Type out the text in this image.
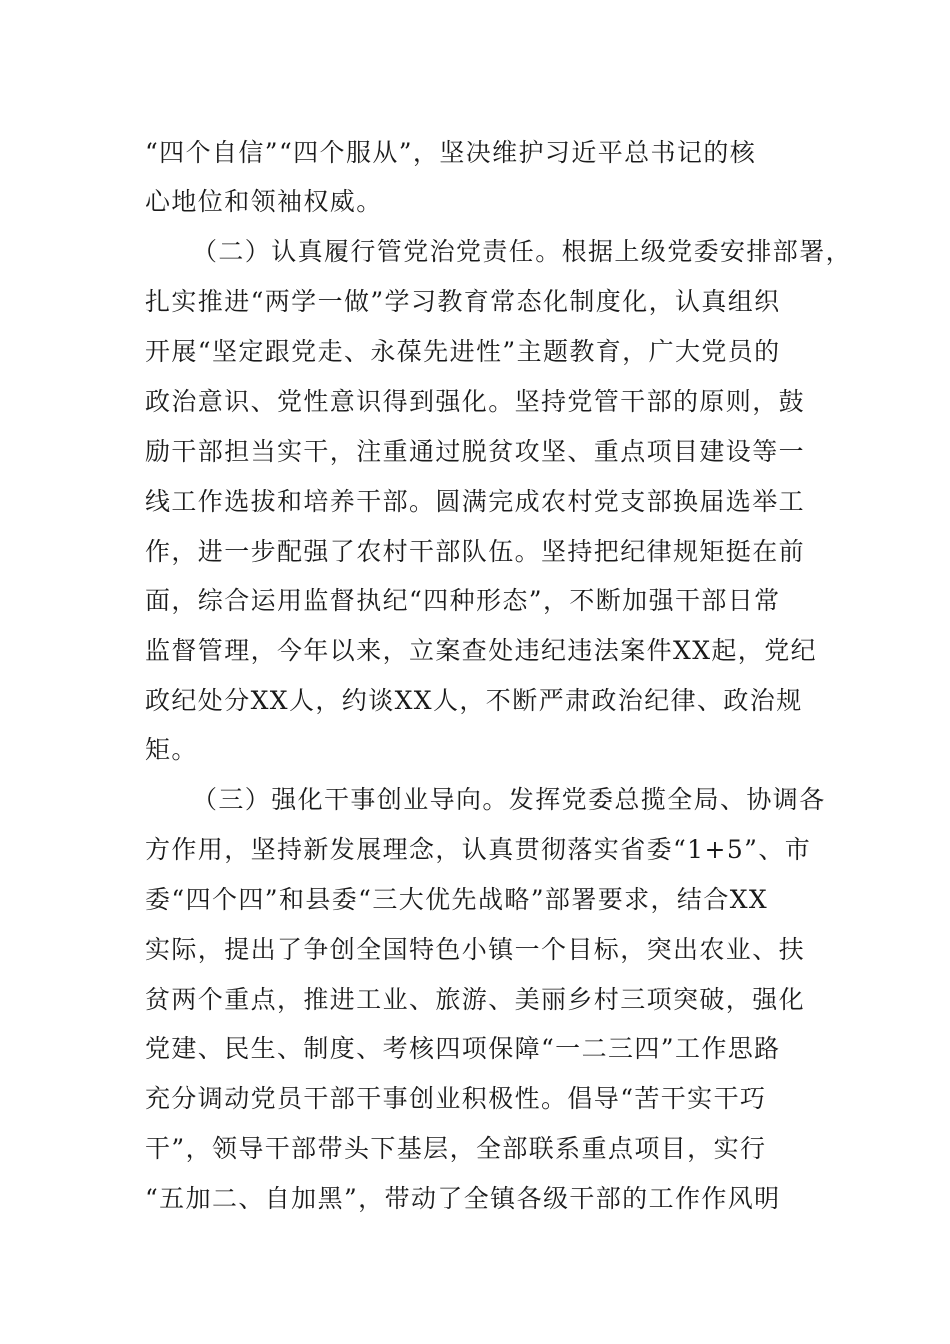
“四个自信”“四个服从”，坚决维护习近平总书记的核

心地位和领袖权威。

（二）认真履行管党治党责任。根据上级党委安排部署，

扎实推进“两学一做”学习教育常态化制度化，认真组织

开展“坚定跟党走、永葆先进性”主题教育，广大党员的

政治意识、党性意识得到强化。坚持党管干部的原则，鼓

励干部担当实干，注重通过脱贫攻坚、重点项目建设等一

线工作选拔和培养干部。圆满完成农村党支部换届选举工

作，进一步配强了农村干部队伍。坚持把纪律规矩挺在前

面，综合运用监督执纪“四种形态”，不断加强干部日常

监督管理，今年以来，立案查处违纪违法案件XX起，党纪

政纪处分XX人，约谈XX人，不断严肃政治纪律、政治规

矩。

（三）强化干事创业导向。发挥党委总揽全局、协调各

方作用，坚持新发展理念，认真贯彻落实省委“1+5”、市

委“四个四”和县委“三大优先战略”部署要求，结合XX

实际，提出了争创全国特色小镇一个目标，突出农业、扶

贫两个重点，推进工业、旅游、美丽乡村三项突破，强化

党建、民生、制度、考核四项保障“一二三四”工作思路

充分调动党员干部干事创业积极性。倡导“苦干实干巧

干”，领导干部带头下基层，全部联系重点项目，实行

“五加二、自加黑”，带动了全镇各级干部的工作作风明
